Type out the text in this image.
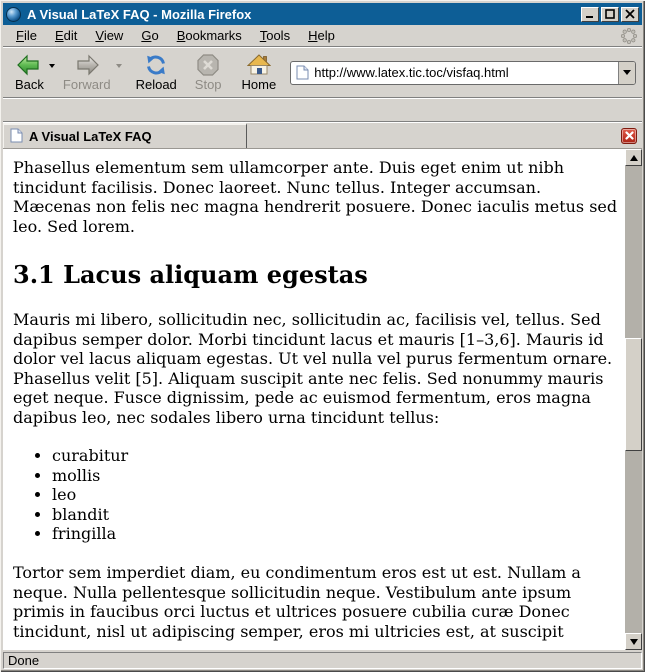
A Visual LaTeX FAQ - Mozilla Firefox
File	Edit	View	Go	Bookmarks	Tools	Help
Back Forward Reload Stop Home
http://www.latex.tic.toc/visfaq.html
A Visual LaTeX FAQ

Phasellus elementum sem ullamcorper ante. Duis eget enim ut nibh tincidunt facilisis. Donec laoreet. Nunc tellus. Integer accumsan. Mæcenas non felis nec magna hendrerit posuere. Donec iaculis metus sed leo. Sed lorem.

3.1 Lacus aliquam egestas

Mauris mi libero, sollicitudin nec, sollicitudin ac, facilisis vel, tellus. Sed dapibus semper dolor. Morbi tincidunt lacus et mauris [1–3,6]. Mauris id dolor vel lacus aliquam egestas. Ut vel nulla vel purus fermentum ornare. Phasellus velit [5]. Aliquam suscipit ante nec felis. Sed nonummy mauris eget neque. Fusce dignissim, pede ac euismod fermentum, eros magna dapibus leo, nec sodales libero urna tincidunt tellus:

• curabitur
• mollis
• leo
• blandit
• fringilla

Tortor sem imperdiet diam, eu condimentum eros est ut est. Nullam a neque. Nulla pellentesque sollicitudin neque. Vestibulum ante ipsum primis in faucibus orci luctus et ultrices posuere cubilia curæ Donec tincidunt, nisl ut adipiscing semper, eros mi ultricies est, at suscipit

Done
